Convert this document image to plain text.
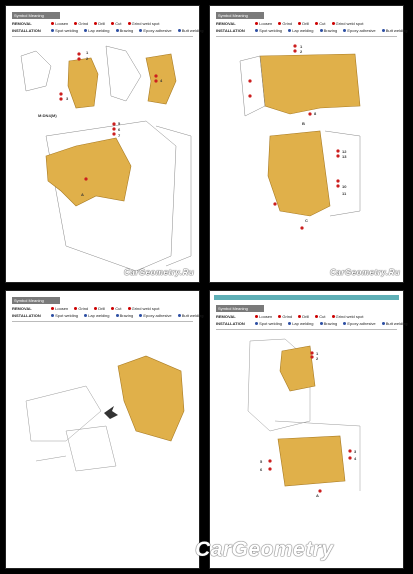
Symbol Meaning
REMOVAL	Loosen	Grind	Drill	Cut	Grind weld spot
INSTALLATION	Spot welding	Lap welding	Brazing	Epoxy adhesive	Butt welding
1
2
3
4
5
6
7
M:DN4(M)
A
CarGeometry.Ru
Symbol Meaning
REMOVAL	Loosen	Grind	Drill	Cut	Grind weld spot
INSTALLATION	Spot welding	Lap welding	Brazing	Epoxy adhesive	Butt welding
1
2
8
12
13
10
11
B
C
CarGeometry.Ru
Symbol Meaning
REMOVAL	Loosen	Grind	Drill	Cut	Grind weld spot
INSTALLATION	Spot welding	Lap welding	Brazing	Epoxy adhesive	Butt welding
Symbol Meaning
REMOVAL	Loosen	Grind	Drill	Cut	Grind weld spot
INSTALLATION	Spot welding	Lap welding	Brazing	Epoxy adhesive	Butt welding
1
2
3
4
5
6
A
CarGeometry
